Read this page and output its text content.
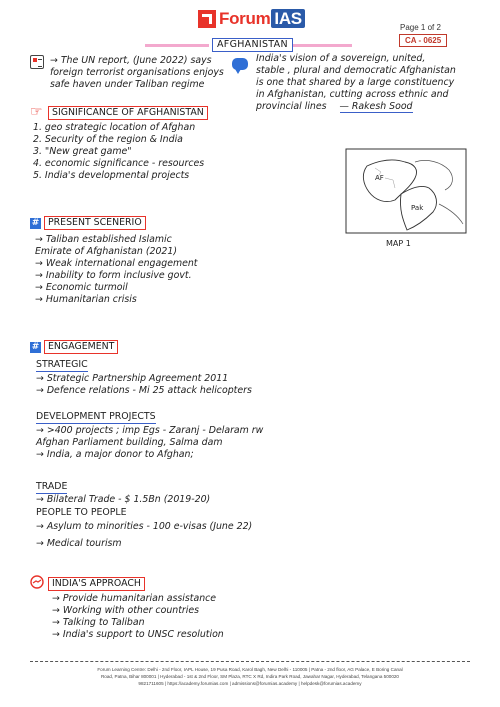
Forum IAS	Page 1 of 2
CA - 0625
AFGHANISTAN
→ The UN report, (June 2022) says
foreign terrorist organisations enjoys
safe haven under Taliban regime
India's vision of a sovereign, united,
stable , plural and democratic Afghanistan
is one that shared by a large constituency
in Afghanistan, cutting across ethnic and
provincial lines — Rakesh Sood
AF
Pak
MAP 1
☞	SIGNIFICANCE OF AFGHANISTAN
1. geo strategic location of Afghan
2. Security of the region & India
3. "New great game"
4. economic significance - resources
5. India's developmental projects
# PRESENT SCENERIO
→ Taliban established Islamic
Emirate of Afghanistan (2021)
→ Weak international engagement
→ Inability to form inclusive govt.
→ Economic turmoil
→ Humanitarian crisis
# ENGAGEMENT
STRATEGIC
→ Strategic Partnership Agreement 2011
→ Defence relations - Mi 25 attack helicopters
DEVELOPMENT PROJECTS
→ >400 projects ; imp Egs - Zaranj - Delaram rw
Afghan Parliament building, Salma dam
→ India, a major donor to Afghan;
TRADE
→ Bilateral Trade - $ 1.5Bn (2019-20)
PEOPLE TO PEOPLE
→ Asylum to minorities - 100 e-visas (June 22)
→ Medical tourism
INDIA'S APPROACH
→ Provide humanitarian assistance
→ Working with other countries
→ Talking to Taliban
→ India's support to UNSC resolution
Forum Learning Centre: Delhi - 2nd Floor, IAPL House, 19 Pusa Road, Karol Bagh, New Delhi - 110005 | Patna - 2nd floor, AG Palace, E Boring Canal
Road, Patna, Bihar 800001 | Hyderabad - 1st & 2nd Floor, SM Plaza, RTC X Rd, Indira Park Road, Jawahar Nagar, Hyderabad, Telangana 500020
9821711605 | https://academy.forumias.com | admissions@forumias.academy | helpdesk@forumias.academy
